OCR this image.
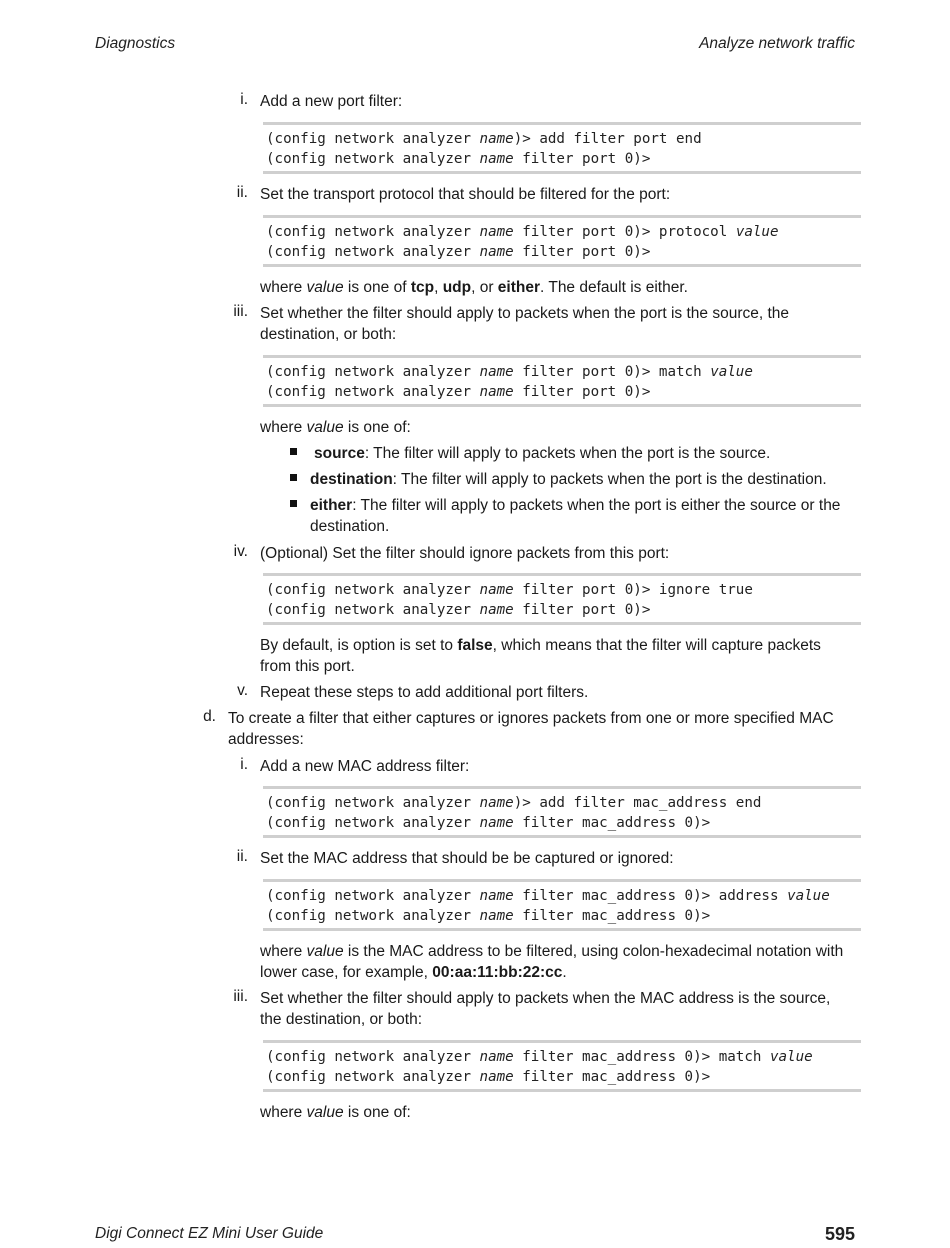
Diagnostics	Analyze network traffic
i. Add a new port filter:
(config network analyzer name)> add filter port end
(config network analyzer name filter port 0)>
ii. Set the transport protocol that should be filtered for the port:
(config network analyzer name filter port 0)> protocol value
(config network analyzer name filter port 0)>
where value is one of tcp, udp, or either. The default is either.
iii. Set whether the filter should apply to packets when the port is the source, the destination, or both:
(config network analyzer name filter port 0)> match value
(config network analyzer name filter port 0)>
where value is one of:
source: The filter will apply to packets when the port is the source.
destination: The filter will apply to packets when the port is the destination.
either: The filter will apply to packets when the port is either the source or the destination.
iv. (Optional) Set the filter should ignore packets from this port:
(config network analyzer name filter port 0)> ignore true
(config network analyzer name filter port 0)>
By default, is option is set to false, which means that the filter will capture packets from this port.
v. Repeat these steps to add additional port filters.
d. To create a filter that either captures or ignores packets from one or more specified MAC addresses:
i. Add a new MAC address filter:
(config network analyzer name)> add filter mac_address end
(config network analyzer name filter mac_address 0)>
ii. Set the MAC address that should be be captured or ignored:
(config network analyzer name filter mac_address 0)> address value
(config network analyzer name filter mac_address 0)>
where value is the MAC address to be filtered, using colon-hexadecimal notation with lower case, for example, 00:aa:11:bb:22:cc.
iii. Set whether the filter should apply to packets when the MAC address is the source, the destination, or both:
(config network analyzer name filter mac_address 0)> match value
(config network analyzer name filter mac_address 0)>
where value is one of:
Digi Connect EZ Mini User Guide	595
